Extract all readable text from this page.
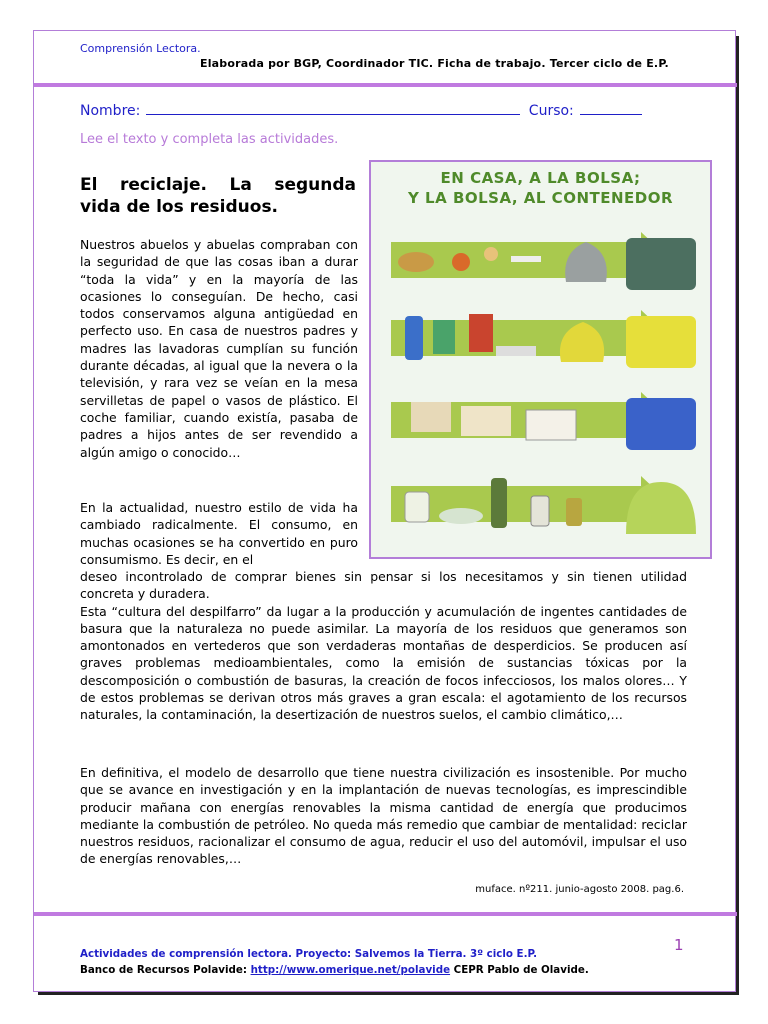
Comprensión Lectora.
Elaborada por BGP, Coordinador TIC. Ficha de trabajo. Tercer ciclo de E.P.
Nombre:	Curso:
Lee el texto y completa las actividades.
El reciclaje. La segunda
vida de los residuos.
Nuestros abuelos y abuelas compraban con la seguridad de que las cosas iban a durar “toda la vida” y en la mayoría de las ocasiones lo conseguían. De hecho, casi todos conservamos alguna antigüedad en perfecto uso. En casa de nuestros padres y madres las lavadoras cumplían su función durante décadas, al igual que la nevera o la televisión, y rara vez se veían en la mesa servilletas de papel o vasos de plástico. El coche familiar, cuando existía, pasaba de padres a hijos antes de ser revendido a algún amigo o conocido…
En la actualidad, nuestro estilo de vida ha cambiado radicalmente. El consumo, en muchas ocasiones se ha convertido en puro consumismo. Es decir, en el
deseo incontrolado de comprar bienes sin pensar si los necesitamos y sin tienen utilidad concreta y duradera.
Esta “cultura del despilfarro” da lugar a la producción y acumulación de ingentes cantidades de basura que la naturaleza no puede asimilar. La mayoría de los residuos que generamos son amontonados en vertederos que son verdaderas montañas de desperdicios. Se producen así graves problemas medioambientales, como la emisión de sustancias tóxicas por la descomposición o combustión de basuras, la creación de focos infecciosos, los malos olores… Y de estos problemas se derivan otros más graves a gran escala: el agotamiento de los recursos naturales, la contaminación, la desertización de nuestros suelos, el cambio climático,…
En definitiva, el modelo de desarrollo que tiene nuestra civilización es insostenible. Por mucho que se avance en investigación y en la implantación de nuevas tecnologías, es imprescindible producir mañana con energías renovables la misma cantidad de energía que producimos mediante la combustión de petróleo. No queda más remedio que cambiar de mentalidad: reciclar nuestros residuos, racionalizar el consumo de agua, reducir el uso del automóvil, impulsar el uso de energías renovables,…
muface. nº211. junio-agosto 2008. pag.6.
EN CASA, A LA BOLSA;
Y LA BOLSA, AL CONTENEDOR
1
Actividades de comprensión lectora. Proyecto: Salvemos la Tierra. 3º ciclo E.P.
Banco de Recursos Polavide: http://www.omerique.net/polavide CEPR Pablo de Olavide.
